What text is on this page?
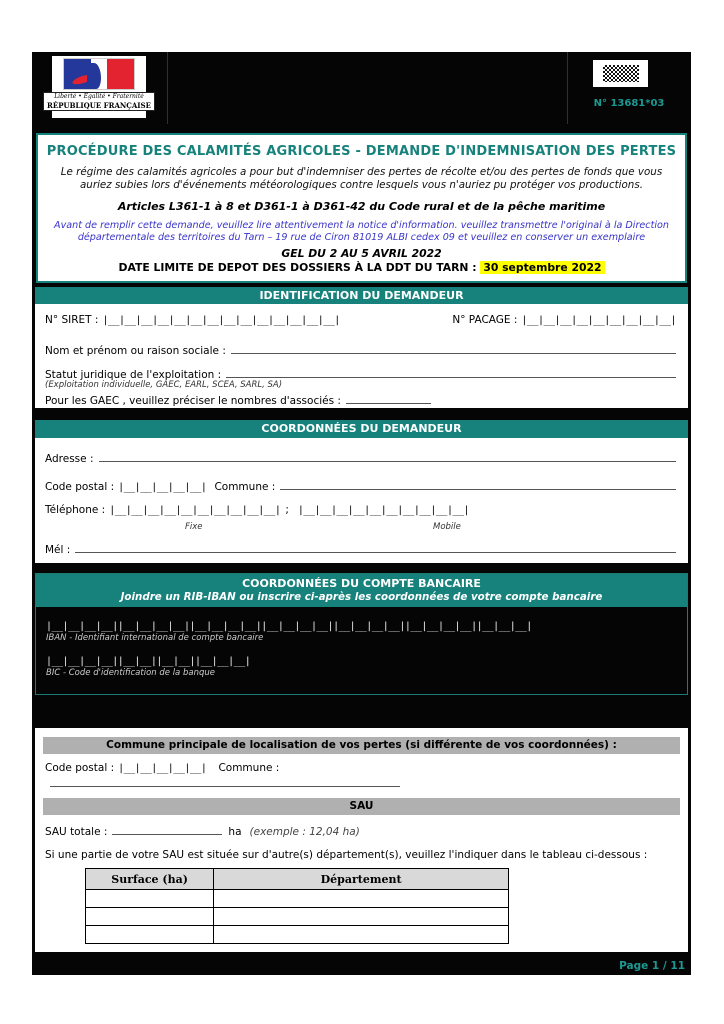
Liberté • Égalité • Fraternité
RÉPUBLIQUE FRANÇAISE	N° 13681*03
PROCÉDURE DES CALAMITÉS AGRICOLES - DEMANDE D'INDEMNISATION DES PERTES
Le régime des calamités agricoles a pour but d'indemniser des pertes de récolte et/ou des pertes de fonds que vous auriez subies lors d'événements météorologiques contre lesquels vous n'auriez pu protéger vos productions.
Articles L361-1 à 8 et D361-1 à D361-42 du Code rural et de la pêche maritime
Avant de remplir cette demande, veuillez lire attentivement la notice d'information. veuillez transmettre l'original à la Direction départementale des territoires du Tarn – 19 rue de Ciron 81019 ALBI cedex 09 et veuillez en conserver un exemplaire
GEL DU 2 AU 5 AVRIL 2022
DATE LIMITE DE DEPOT DES DOSSIERS À LA DDT DU TARN : 30 septembre 2022
IDENTIFICATION DU DEMANDEUR
N° SIRET : |__|__|__|__|__|__|__|__|__|__|__|__|__|__|	N° PACAGE : |__|__|__|__|__|__|__|__|__|
Nom et prénom ou raison sociale :
Statut juridique de l'exploitation :
(Exploitation individuelle, GAEC, EARL, SCEA, SARL, SA)
Pour les GAEC , veuillez préciser le nombres d'associés :
COORDONNÉES DU DEMANDEUR
Adresse :
Code postal : |__|__|__|__|__| Commune :
Téléphone : |__|__|__|__|__|__|__|__|__|__| ; |__|__|__|__|__|__|__|__|__|__|
Fixe	Mobile
Mél :
COORDONNÉES DU COMPTE BANCAIRE
Joindre un RIB-IBAN ou inscrire ci-après les coordonnées de votre compte bancaire
|__|__|__|__||__|__|__|__||__|__|__|__||__|__|__|__||__|__|__|__||__|__|__|__||__|__|__|
IBAN - Identifiant international de compte bancaire
|__|__|__|__||__|__||__|__||__|__|__|
BIC - Code d'identification de la banque
Commune principale de localisation de vos pertes (si différente de vos coordonnées) :
Code postal : |__|__|__|__|__| Commune :
SAU
SAU totale :	ha (exemple : 12,04 ha)
Si une partie de votre SAU est située sur d'autre(s) département(s), veuillez l'indiquer dans le tableau ci-dessous :
Surface (ha)	Département

Page 1 / 11
